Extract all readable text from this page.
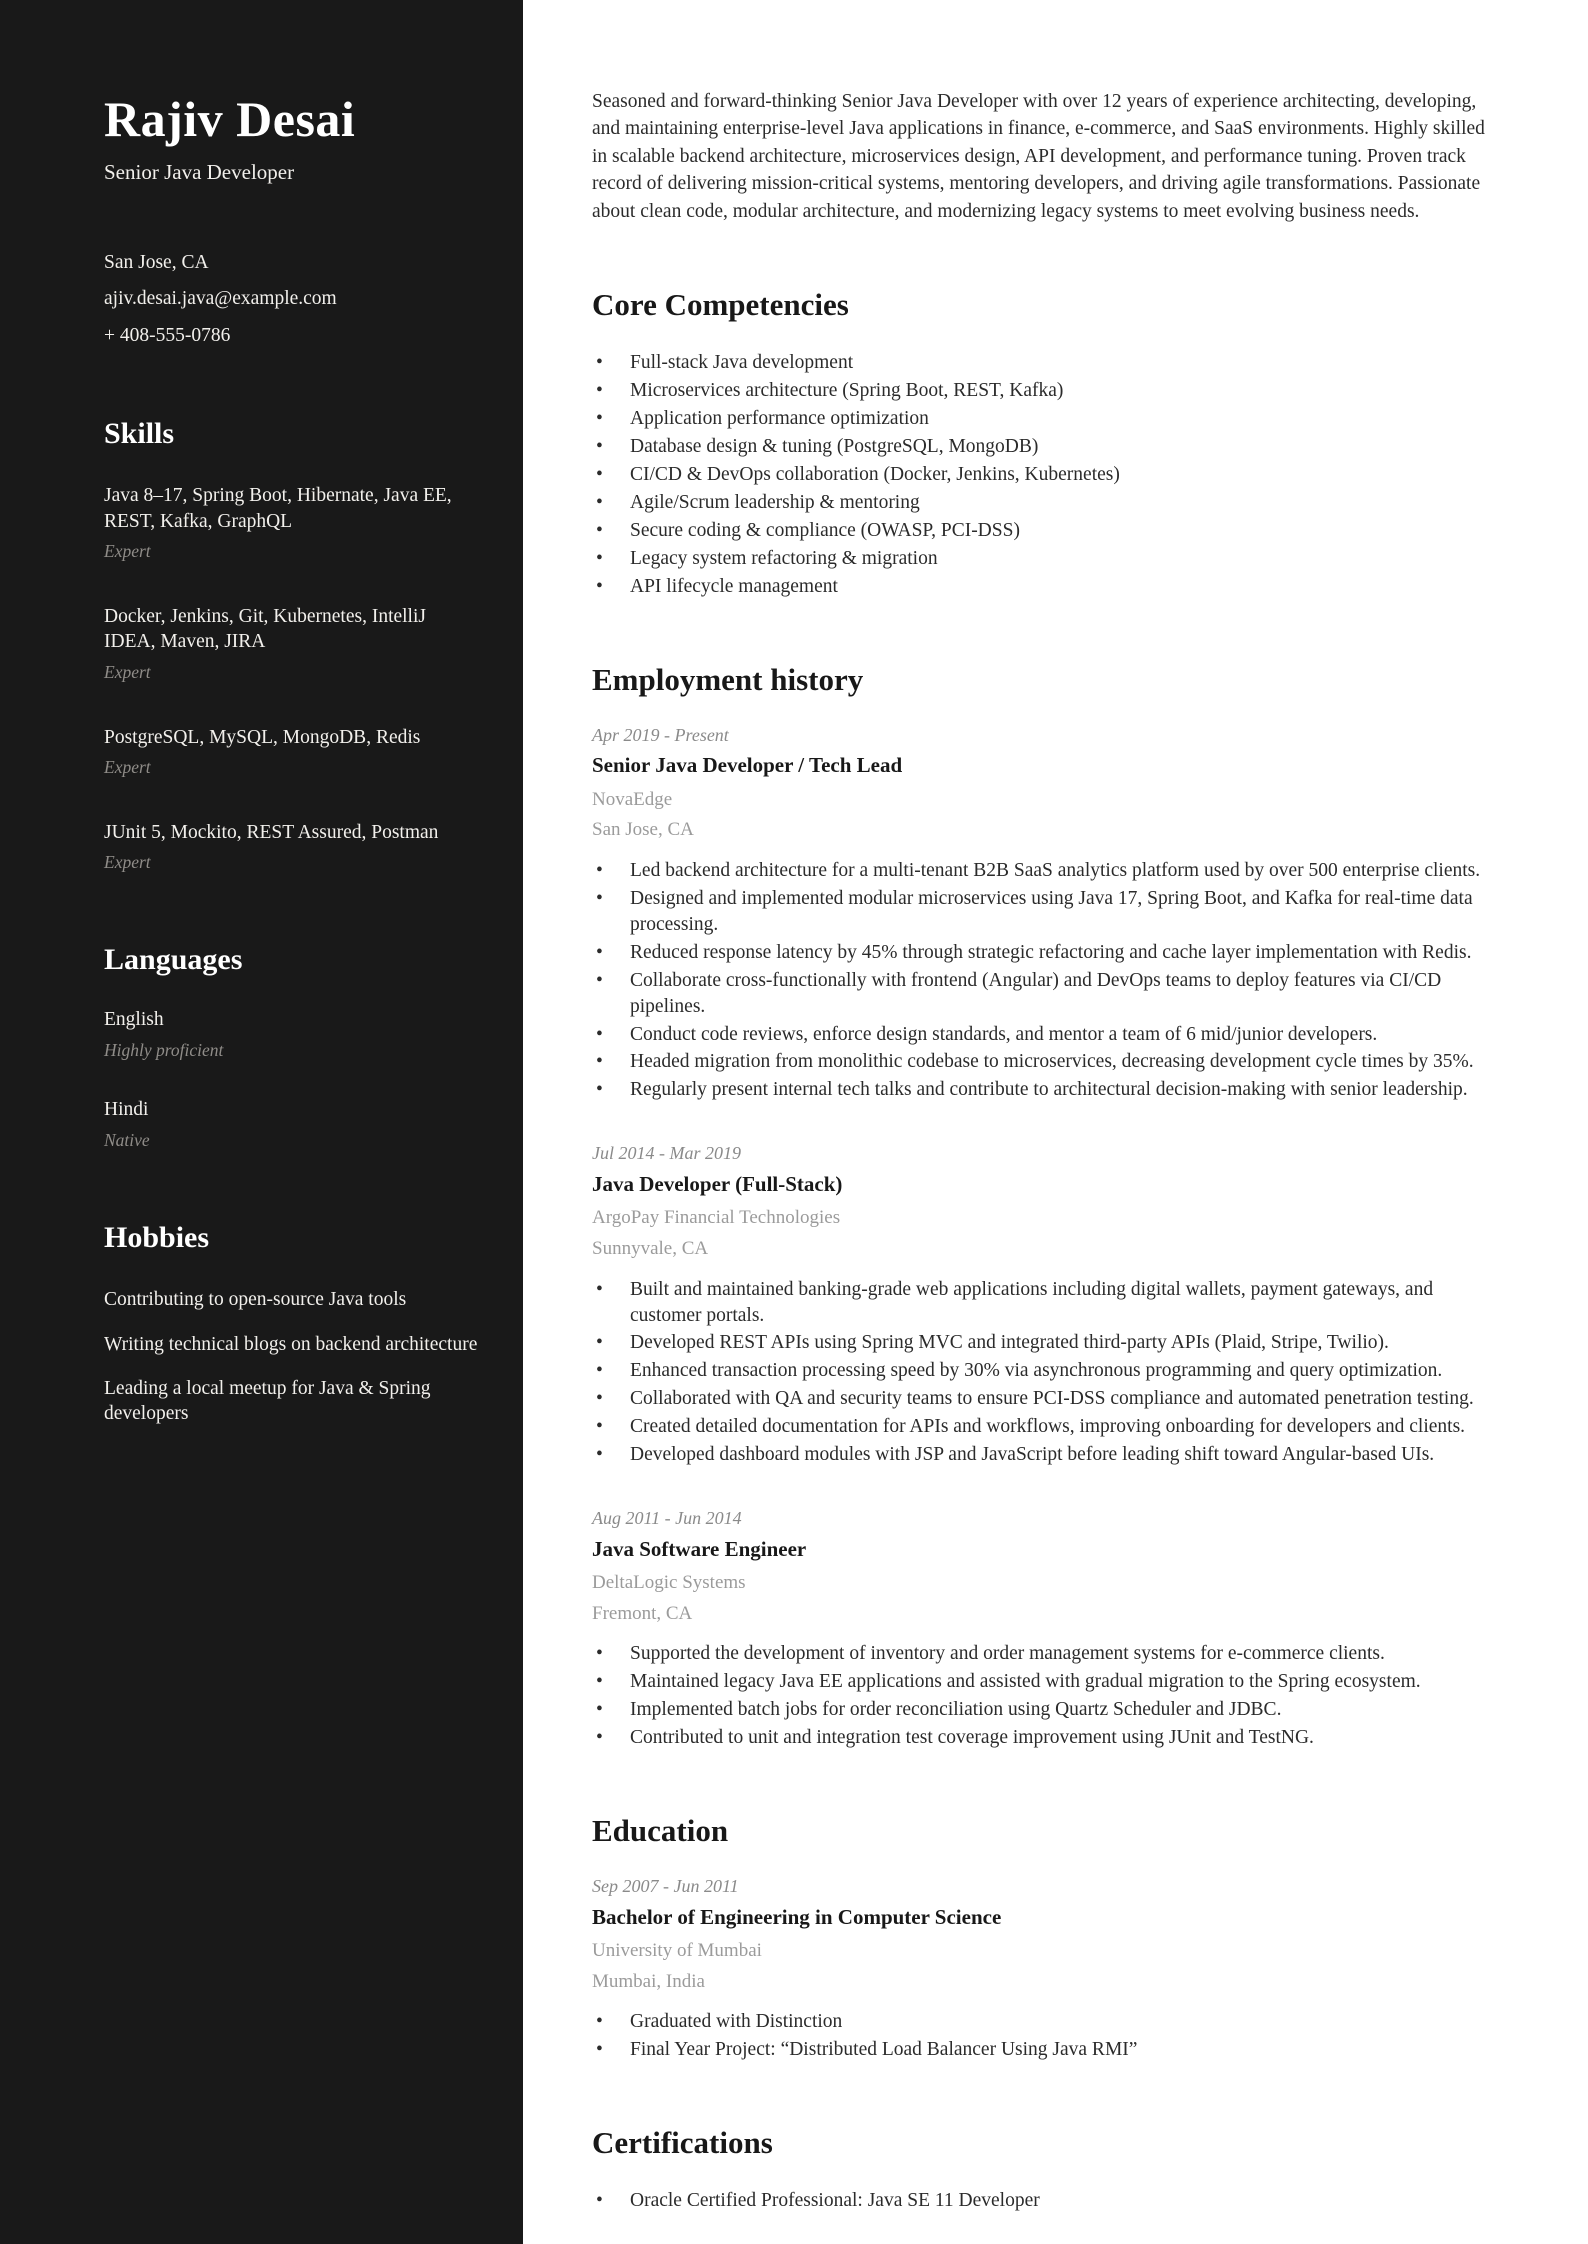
Rajiv Desai
Senior Java Developer
San Jose, CA
ajiv.desai.java@example.com
+ 408-555-0786
Skills
Java 8–17, Spring Boot, Hibernate, Java EE, REST, Kafka, GraphQL
Expert
Docker, Jenkins, Git, Kubernetes, IntelliJ IDEA, Maven, JIRA
Expert
PostgreSQL, MySQL, MongoDB, Redis
Expert
JUnit 5, Mockito, REST Assured, Postman
Expert
Languages
English
Highly proficient
Hindi
Native
Hobbies
Contributing to open-source Java tools
Writing technical blogs on backend architecture
Leading a local meetup for Java & Spring developers

Seasoned and forward-thinking Senior Java Developer with over 12 years of experience architecting, developing, and maintaining enterprise-level Java applications in finance, e-commerce, and SaaS environments. Highly skilled in scalable backend architecture, microservices design, API development, and performance tuning. Proven track record of delivering mission-critical systems, mentoring developers, and driving agile transformations. Passionate about clean code, modular architecture, and modernizing legacy systems to meet evolving business needs.

Core Competencies
• Full-stack Java development
• Microservices architecture (Spring Boot, REST, Kafka)
• Application performance optimization
• Database design & tuning (PostgreSQL, MongoDB)
• CI/CD & DevOps collaboration (Docker, Jenkins, Kubernetes)
• Agile/Scrum leadership & mentoring
• Secure coding & compliance (OWASP, PCI-DSS)
• Legacy system refactoring & migration
• API lifecycle management
Employment history
Apr 2019 - Present
Senior Java Developer / Tech Lead
NovaEdge
San Jose, CA
• Led backend architecture for a multi-tenant B2B SaaS analytics platform used by over 500 enterprise clients.
• Designed and implemented modular microservices using Java 17, Spring Boot, and Kafka for real-time data processing.
• Reduced response latency by 45% through strategic refactoring and cache layer implementation with Redis.
• Collaborate cross-functionally with frontend (Angular) and DevOps teams to deploy features via CI/CD pipelines.
• Conduct code reviews, enforce design standards, and mentor a team of 6 mid/junior developers.
• Headed migration from monolithic codebase to microservices, decreasing development cycle times by 35%.
• Regularly present internal tech talks and contribute to architectural decision-making with senior leadership.
Jul 2014 - Mar 2019
Java Developer (Full-Stack)
ArgoPay Financial Technologies
Sunnyvale, CA
• Built and maintained banking-grade web applications including digital wallets, payment gateways, and customer portals.
• Developed REST APIs using Spring MVC and integrated third-party APIs (Plaid, Stripe, Twilio).
• Enhanced transaction processing speed by 30% via asynchronous programming and query optimization.
• Collaborated with QA and security teams to ensure PCI-DSS compliance and automated penetration testing.
• Created detailed documentation for APIs and workflows, improving onboarding for developers and clients.
• Developed dashboard modules with JSP and JavaScript before leading shift toward Angular-based UIs.
Aug 2011 - Jun 2014
Java Software Engineer
DeltaLogic Systems
Fremont, CA
• Supported the development of inventory and order management systems for e-commerce clients.
• Maintained legacy Java EE applications and assisted with gradual migration to the Spring ecosystem.
• Implemented batch jobs for order reconciliation using Quartz Scheduler and JDBC.
• Contributed to unit and integration test coverage improvement using JUnit and TestNG.
Education
Sep 2007 - Jun 2011
Bachelor of Engineering in Computer Science
University of Mumbai
Mumbai, India
• Graduated with Distinction
• Final Year Project: “Distributed Load Balancer Using Java RMI”
Certifications
• Oracle Certified Professional: Java SE 11 Developer
